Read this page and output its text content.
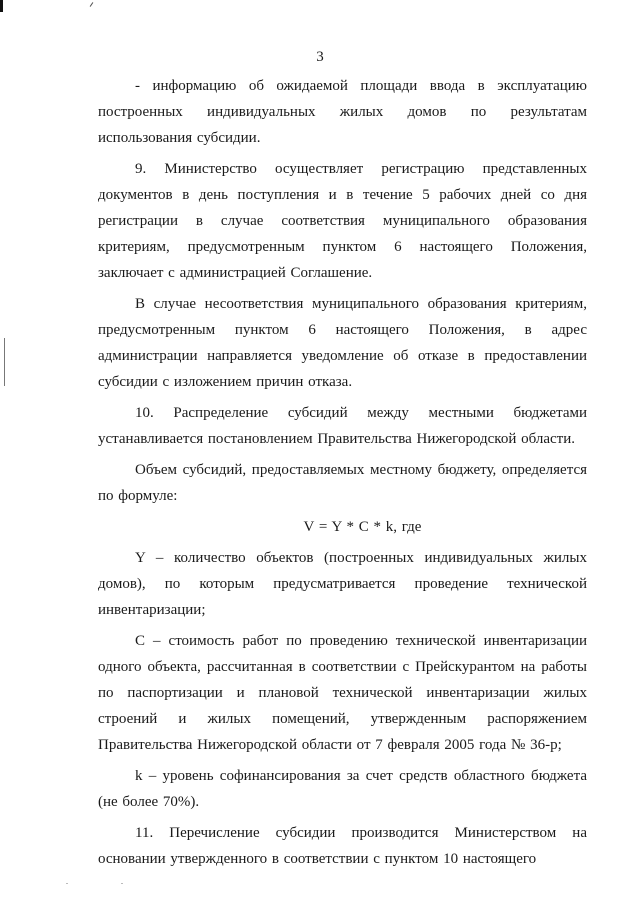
3

- информацию об ожидаемой площади ввода в эксплуатацию построенных индивидуальных жилых домов по результатам использования субсидии.

9. Министерство осуществляет регистрацию представленных документов в день поступления и в течение 5 рабочих дней со дня регистрации в случае соответствия муниципального образования критериям, предусмотренным пунктом 6 настоящего Положения, заключает с администрацией Соглашение.

В случае несоответствия муниципального образования критериям, предусмотренным пунктом 6 настоящего Положения, в адрес администрации направляется уведомление об отказе в предоставлении субсидии с изложением причин отказа.

10. Распределение субсидий между местными бюджетами устанавливается постановлением Правительства Нижегородской области.

Объем субсидий, предоставляемых местному бюджету, определяется по формуле:

V = Y * C * k, где

Y – количество объектов (построенных индивидуальных жилых домов), по которым предусматривается проведение технической инвентаризации;

C – стоимость работ по проведению технической инвентаризации одного объекта, рассчитанная в соответствии с Прейскурантом на работы по паспортизации и плановой технической инвентаризации жилых строений и жилых помещений, утвержденным распоряжением Правительства Нижегородской области от 7 февраля 2005 года № 36-р;

k – уровень софинансирования за счет средств областного бюджета (не более 70%).

11. Перечисление субсидии производится Министерством на основании утвержденного в соответствии с пунктом 10 настоящего
